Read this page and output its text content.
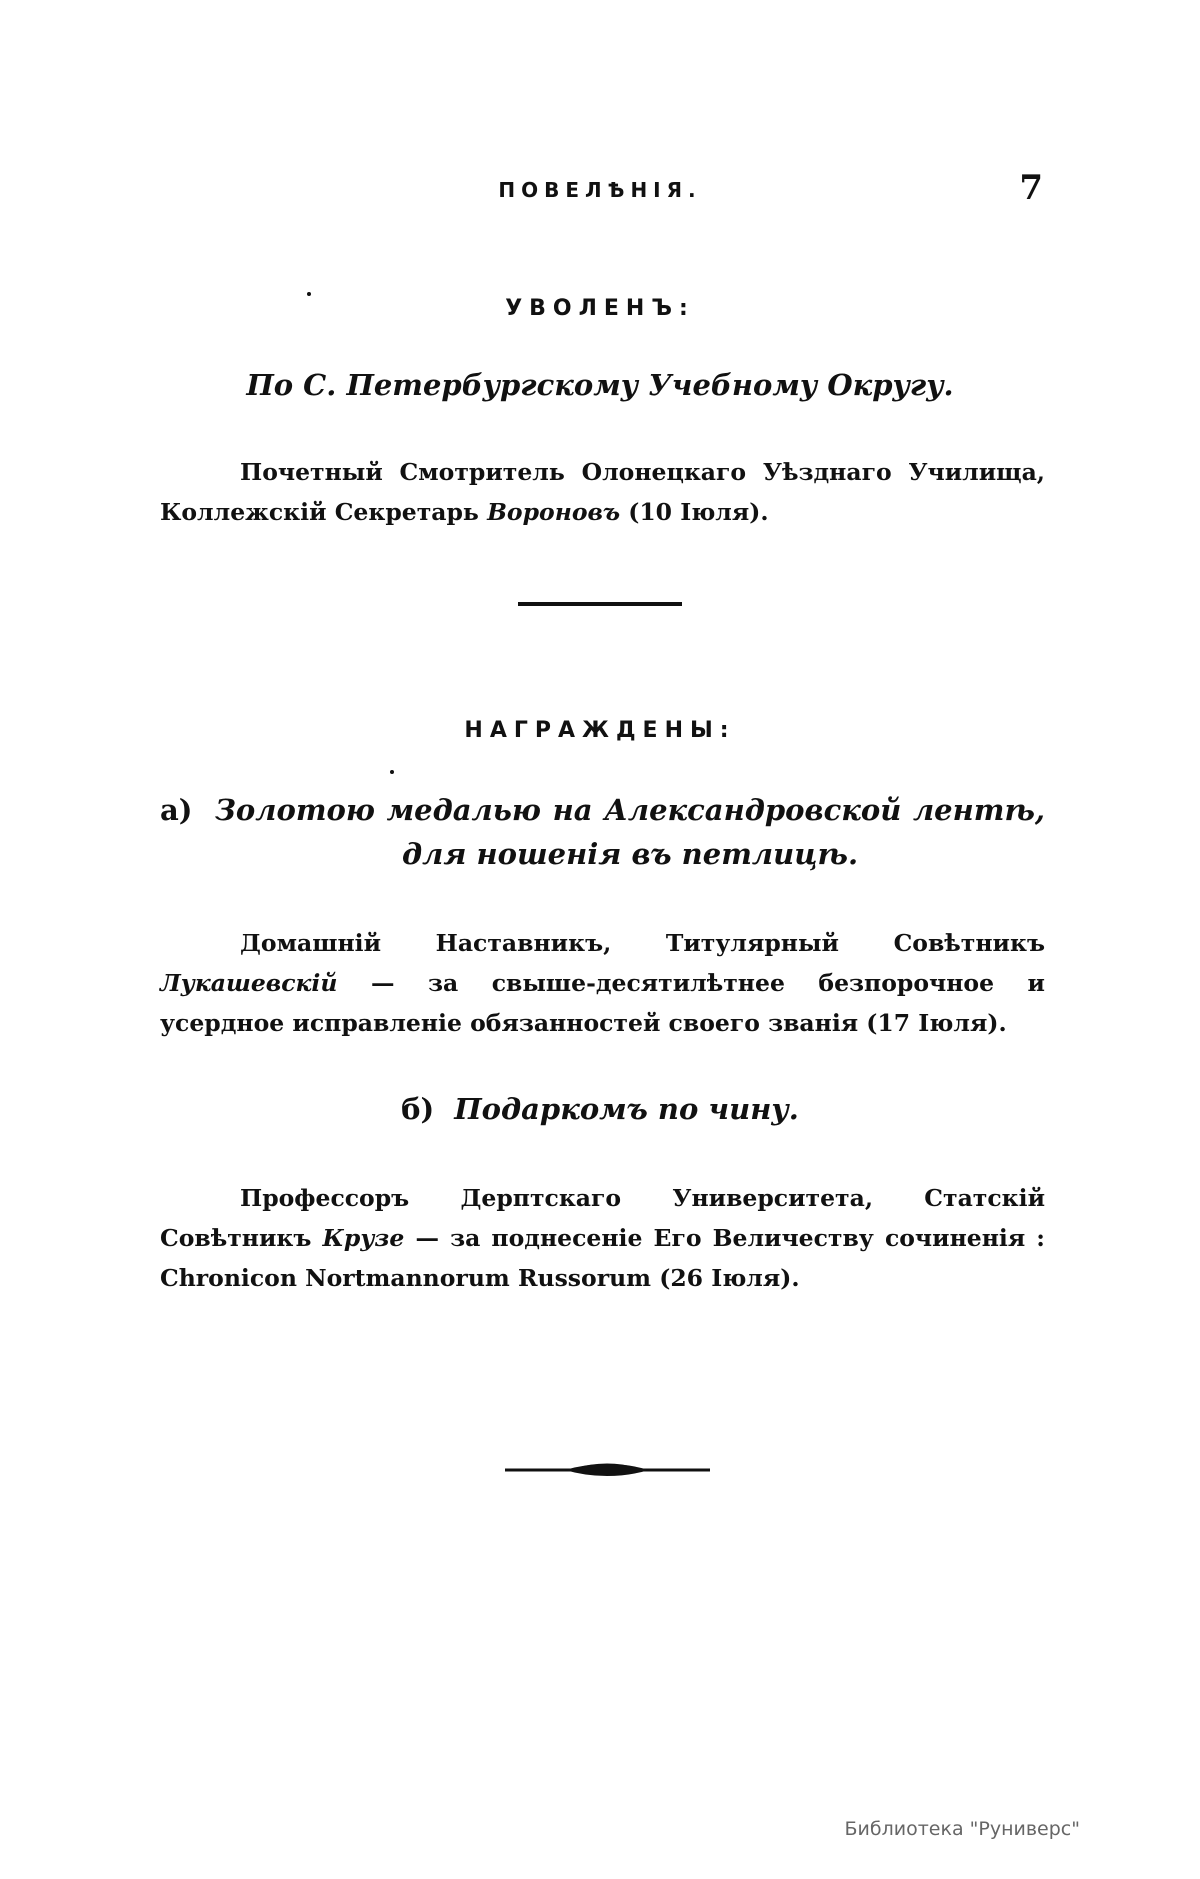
ПОВЕЛѢНІЯ.	7
УВОЛЕНЪ:
По С. Петербургскому Учебному Округу.

Почетный Смотритель Олонецкаго Уѣзднаго Училища, Коллежскій Секретарь Вороновъ (10 Іюля).

НАГРАЖДЕНЫ:
а) Золотою медалью на Александровской лентѣ, для ношенія въ петлицѣ.

Домашній Наставникъ, Титулярный Совѣтникъ Лукашевскій — за свыше-десятилѣтнее безпорочное и усердное исправленіе обязанностей своего званія (17 Іюля).

б) Подаркомъ по чину.

Профессоръ Дерптскаго Университета, Статскій Совѣтникъ Крузе — за поднесеніе Его Величеству сочиненія : Chronicon Nortmannorum Russorum (26 Іюля).

Библиотека "Руниверс"
